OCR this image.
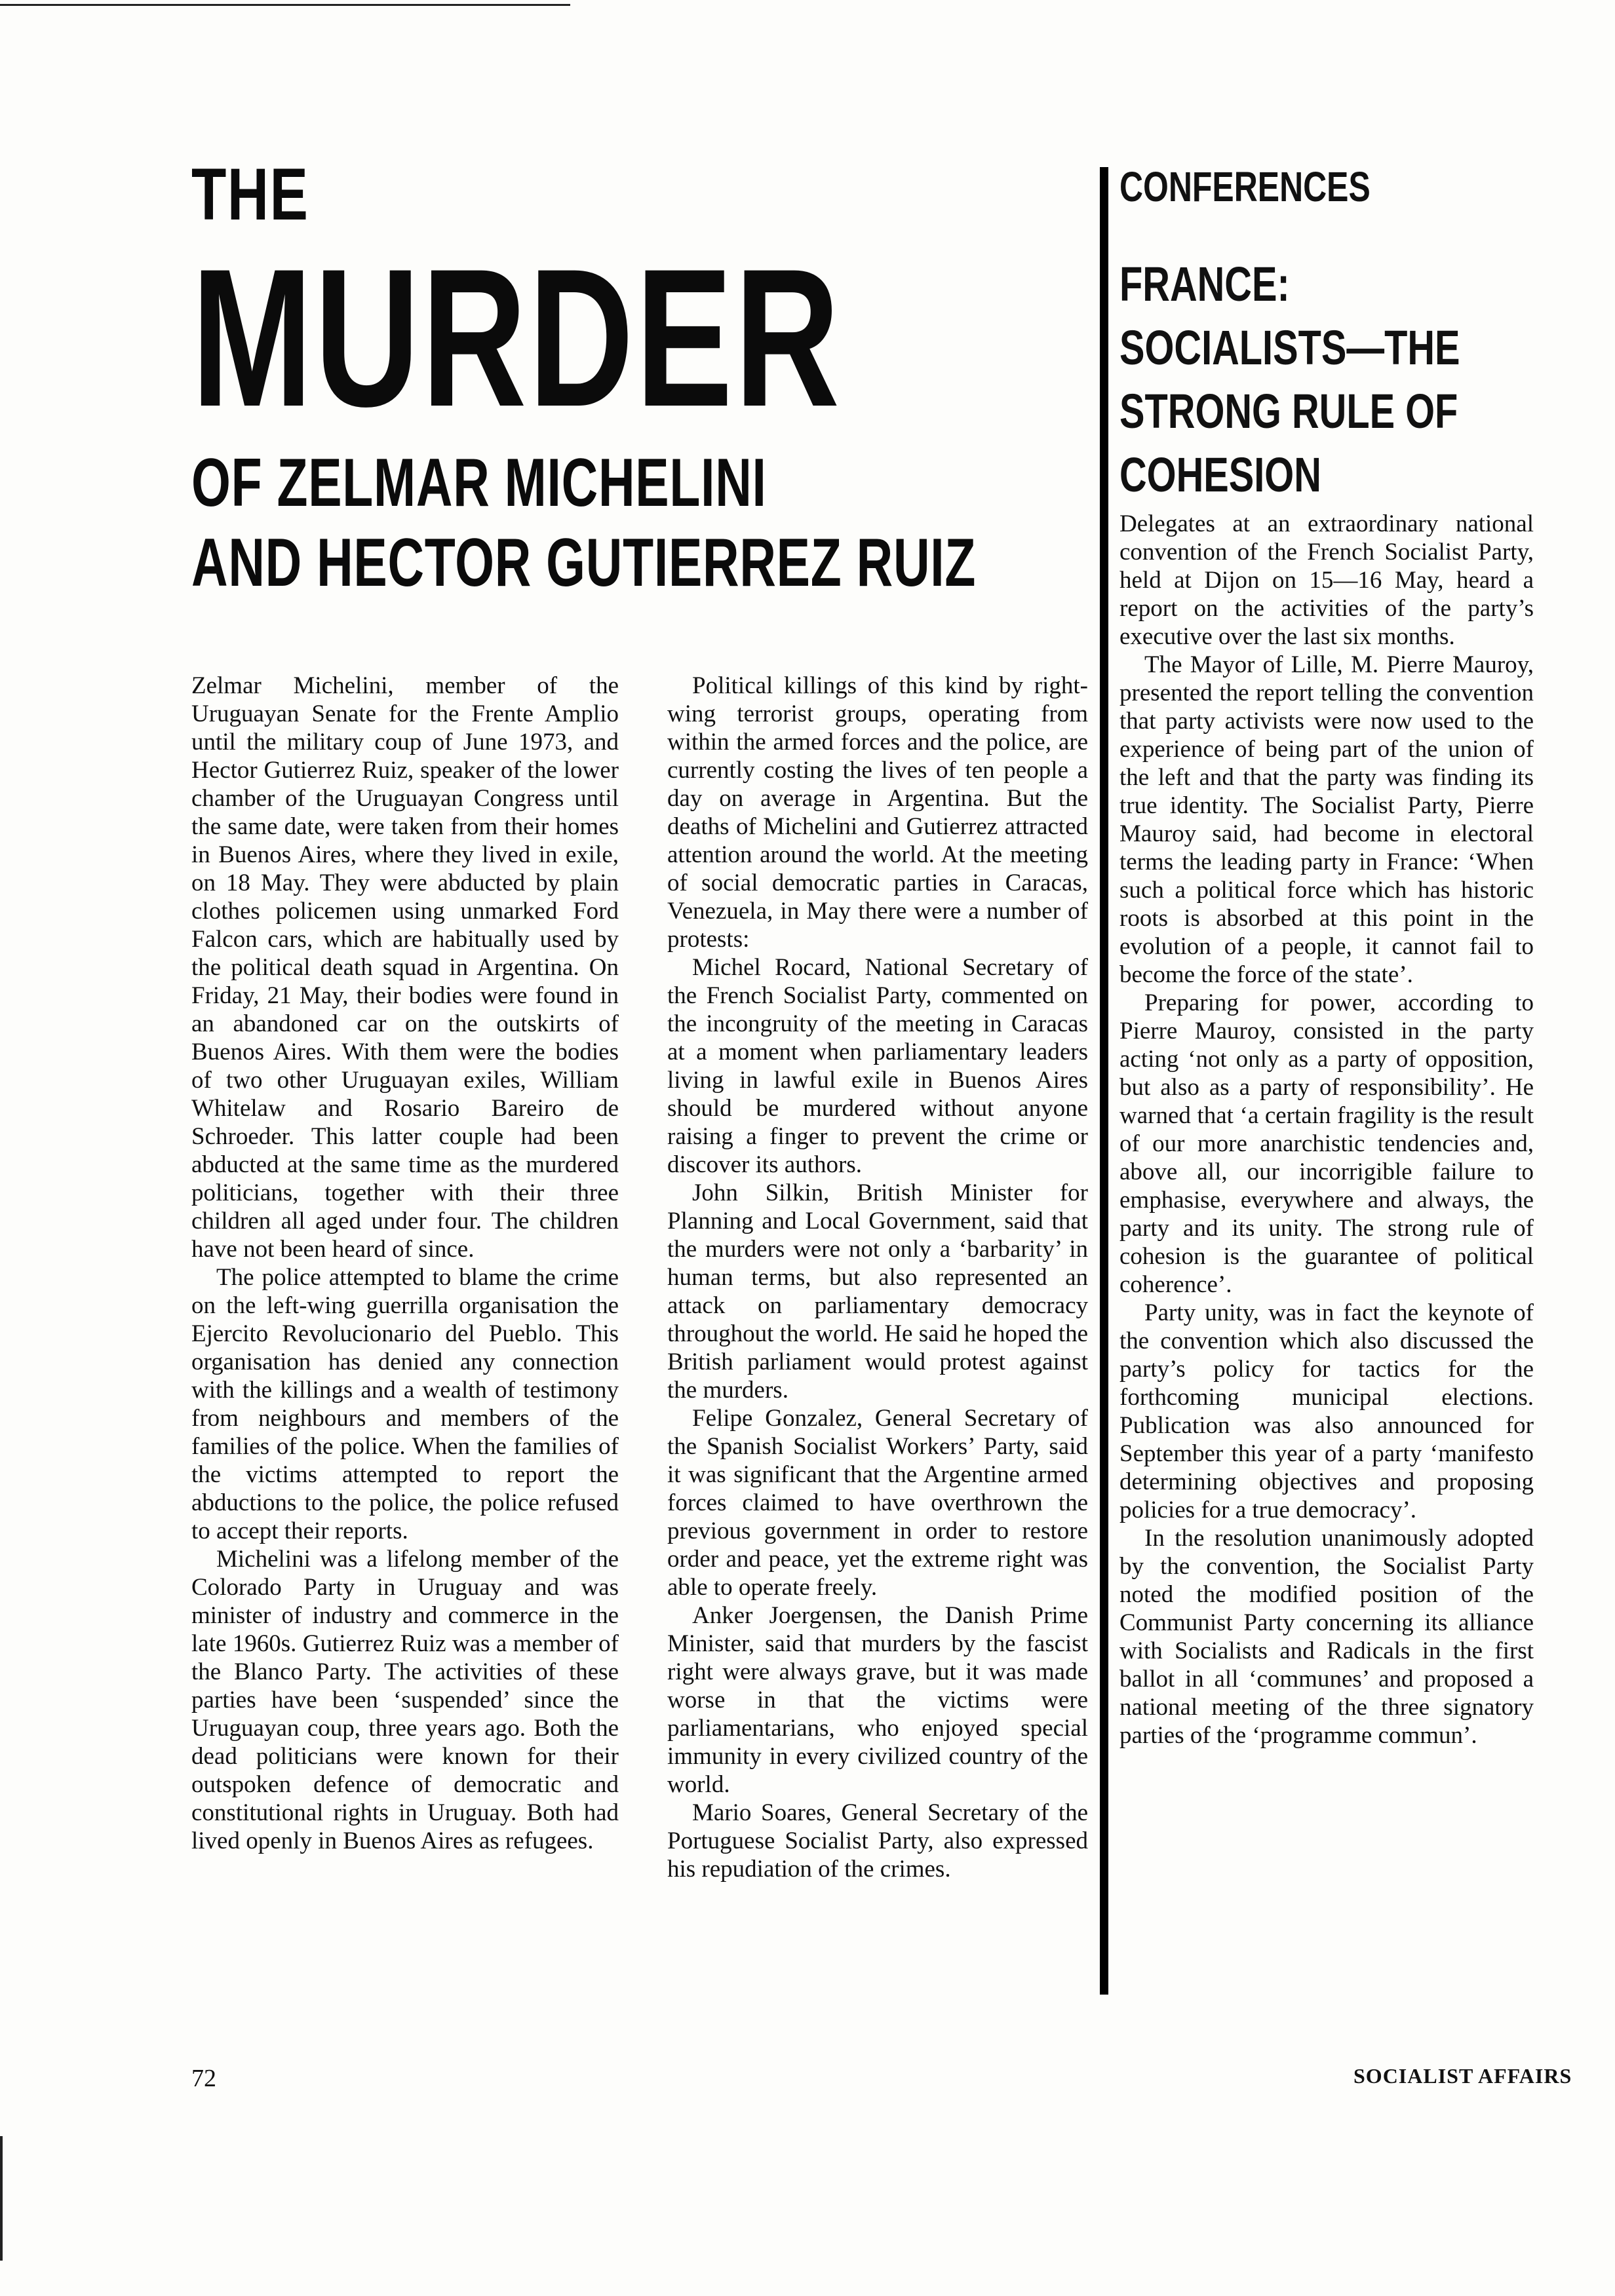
THE
MURDER
OF ZELMAR MICHELINI
AND HECTOR GUTIERREZ RUIZ

Zelmar Michelini, member of the Uruguayan Senate for the Frente Amplio until the military coup of June 1973, and Hector Gutierrez Ruiz, speaker of the lower chamber of the Uruguayan Congress until the same date, were taken from their homes in Buenos Aires, where they lived in exile, on 18 May. They were abducted by plain clothes policemen using unmarked Ford Falcon cars, which are habitually used by the political death squad in Argentina. On Friday, 21 May, their bodies were found in an abandoned car on the outskirts of Buenos Aires. With them were the bodies of two other Uruguayan exiles, William Whitelaw and Rosario Bareiro de Schroeder. This latter couple had been abducted at the same time as the murdered politicians, together with their three children all aged under four. The children have not been heard of since.

The police attempted to blame the crime on the left-wing guerrilla organisation the Ejercito Revolucionario del Pueblo. This organisation has denied any connection with the killings and a wealth of testimony from neighbours and members of the families of the police. When the families of the victims attempted to report the abductions to the police, the police refused to accept their reports.

Michelini was a lifelong member of the Colorado Party in Uruguay and was minister of industry and commerce in the late 1960s. Gutierrez Ruiz was a member of the Blanco Party. The activities of these parties have been ‘suspended’ since the Uruguayan coup, three years ago. Both the dead politicians were known for their outspoken defence of democratic and constitutional rights in Uruguay. Both had lived openly in Buenos Aires as refugees.

Political killings of this kind by right-wing terrorist groups, operating from within the armed forces and the police, are currently costing the lives of ten people a day on average in Argentina. But the deaths of Michelini and Gutierrez attracted attention around the world. At the meeting of social democratic parties in Caracas, Venezuela, in May there were a number of protests:

Michel Rocard, National Secretary of the French Socialist Party, commented on the incongruity of the meeting in Caracas at a moment when parliamentary leaders living in lawful exile in Buenos Aires should be murdered without anyone raising a finger to prevent the crime or discover its authors.

John Silkin, British Minister for Planning and Local Government, said that the murders were not only a ‘barbarity’ in human terms, but also represented an attack on parliamentary democracy throughout the world. He said he hoped the British parliament would protest against the murders.

Felipe Gonzalez, General Secretary of the Spanish Socialist Workers’ Party, said it was significant that the Argentine armed forces claimed to have overthrown the previous government in order to restore order and peace, yet the extreme right was able to operate freely.

Anker Joergensen, the Danish Prime Minister, said that murders by the fascist right were always grave, but it was made worse in that the victims were parliamentarians, who enjoyed special immunity in every civilized country of the world.

Mario Soares, General Secretary of the Portuguese Socialist Party, also expressed his repudiation of the crimes.

CONFERENCES
FRANCE:
SOCIALISTS—THE
STRONG RULE OF
COHESION

Delegates at an extraordinary national convention of the French Socialist Party, held at Dijon on 15—16 May, heard a report on the activities of the party’s executive over the last six months.

The Mayor of Lille, M. Pierre Mauroy, presented the report telling the convention that party activists were now used to the experience of being part of the union of the left and that the party was finding its true identity. The Socialist Party, Pierre Mauroy said, had become in electoral terms the leading party in France: ‘When such a political force which has historic roots is absorbed at this point in the evolution of a people, it cannot fail to become the force of the state’.

Preparing for power, according to Pierre Mauroy, consisted in the party acting ‘not only as a party of opposition, but also as a party of responsibility’. He warned that ‘a certain fragility is the result of our more anarchistic tendencies and, above all, our incorrigible failure to emphasise, everywhere and always, the party and its unity. The strong rule of cohesion is the guarantee of political coherence’.

Party unity, was in fact the keynote of the convention which also discussed the party’s policy for tactics for the forthcoming municipal elections. Publication was also announced for September this year of a party ‘manifesto determining objectives and proposing policies for a true democracy’.

In the resolution unanimously adopted by the convention, the Socialist Party noted the modified position of the Communist Party concerning its alliance with Socialists and Radicals in the first ballot in all ‘communes’ and proposed a national meeting of the three signatory parties of the ‘programme commun’.

72	SOCIALIST AFFAIRS
